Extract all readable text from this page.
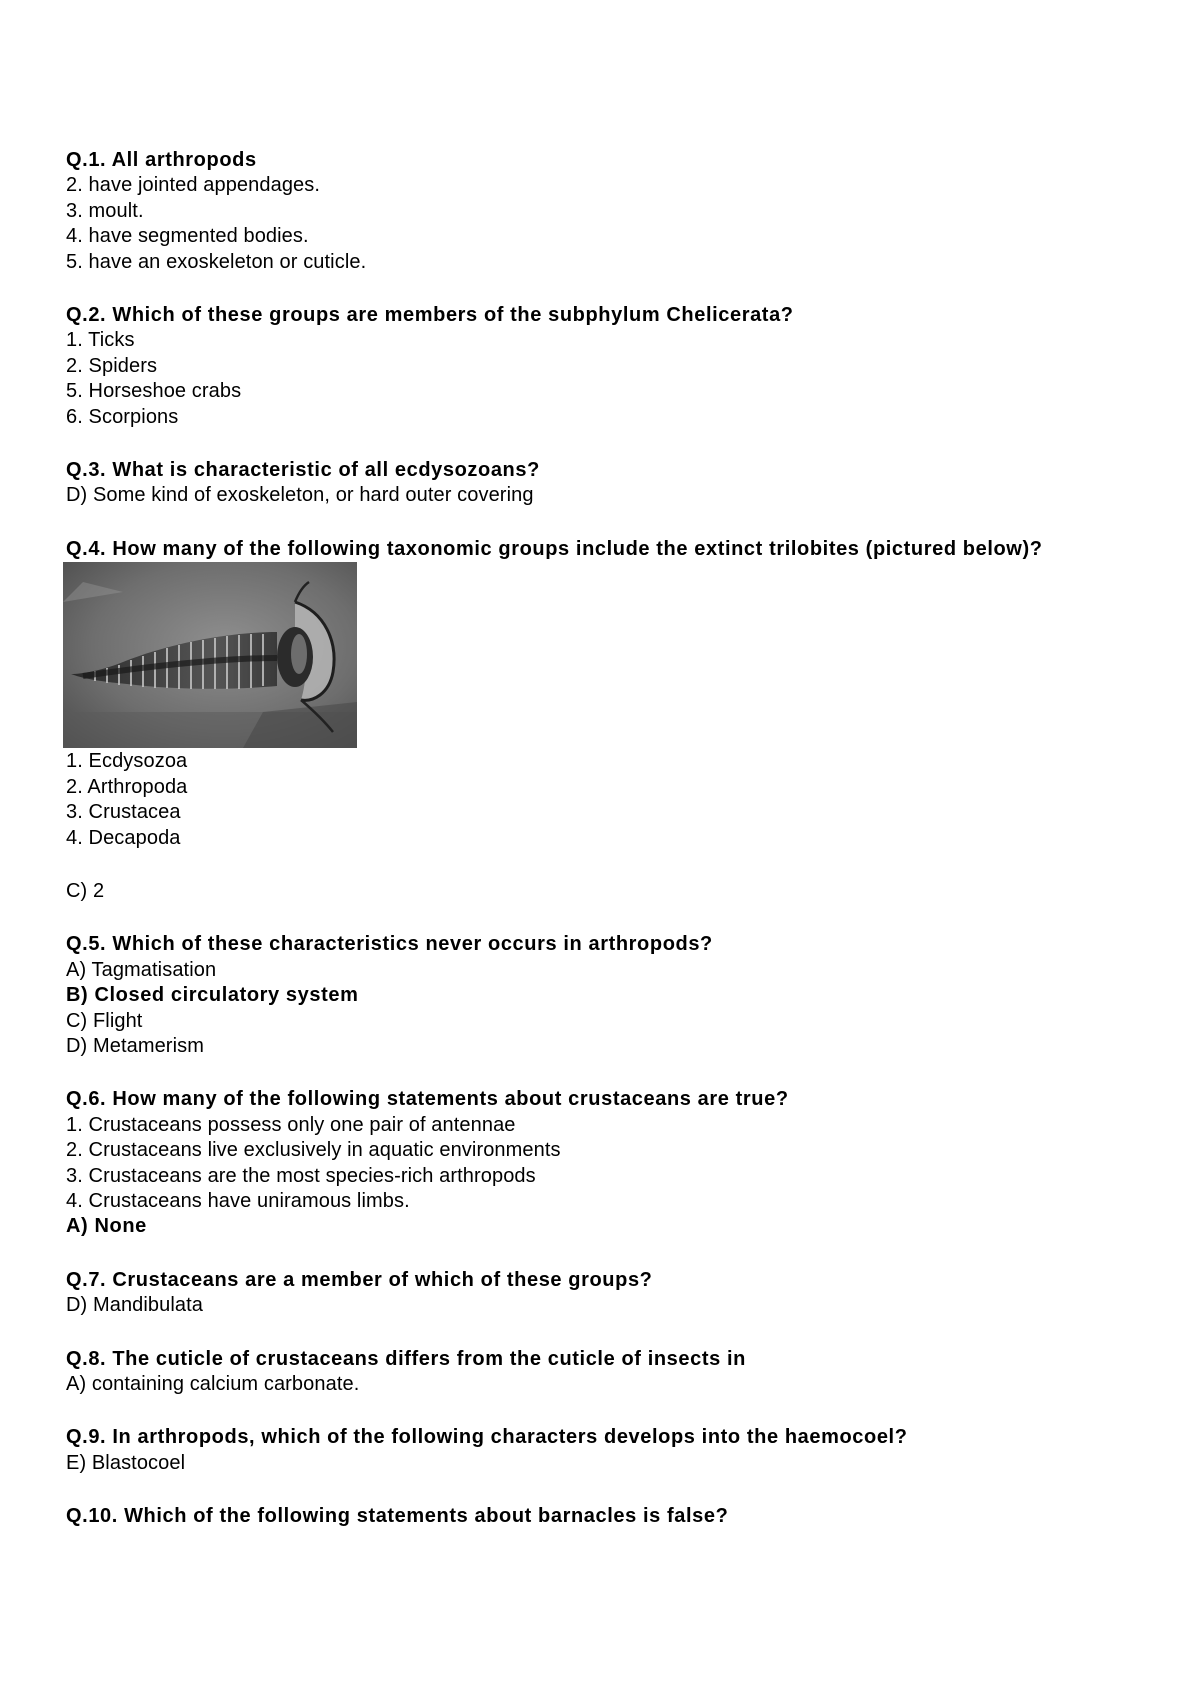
Q.1. All arthropods
2. have jointed appendages.
3. moult.
4. have segmented bodies.
5. have an exoskeleton or cuticle.
Q.2. Which of these groups are members of the subphylum Chelicerata?
1. Ticks
2. Spiders
5. Horseshoe crabs
6. Scorpions
Q.3. What is characteristic of all ecdysozoans?
D) Some kind of exoskeleton, or hard outer covering
Q.4. How many of the following taxonomic groups include the extinct trilobites (pictured below)?
1. Ecdysozoa
2. Arthropoda
3. Crustacea
4. Decapoda
C) 2
Q.5. Which of these characteristics never occurs in arthropods?
A) Tagmatisation
B) Closed circulatory system
C) Flight
D) Metamerism
Q.6. How many of the following statements about crustaceans are true?
1. Crustaceans possess only one pair of antennae
2. Crustaceans live exclusively in aquatic environments
3. Crustaceans are the most species-rich arthropods
4. Crustaceans have uniramous limbs.
A) None
Q.7. Crustaceans are a member of which of these groups?
D) Mandibulata
Q.8. The cuticle of crustaceans differs from the cuticle of insects in
A) containing calcium carbonate.
Q.9. In arthropods, which of the following characters develops into the haemocoel?
E) Blastocoel
Q.10. Which of the following statements about barnacles is false?
